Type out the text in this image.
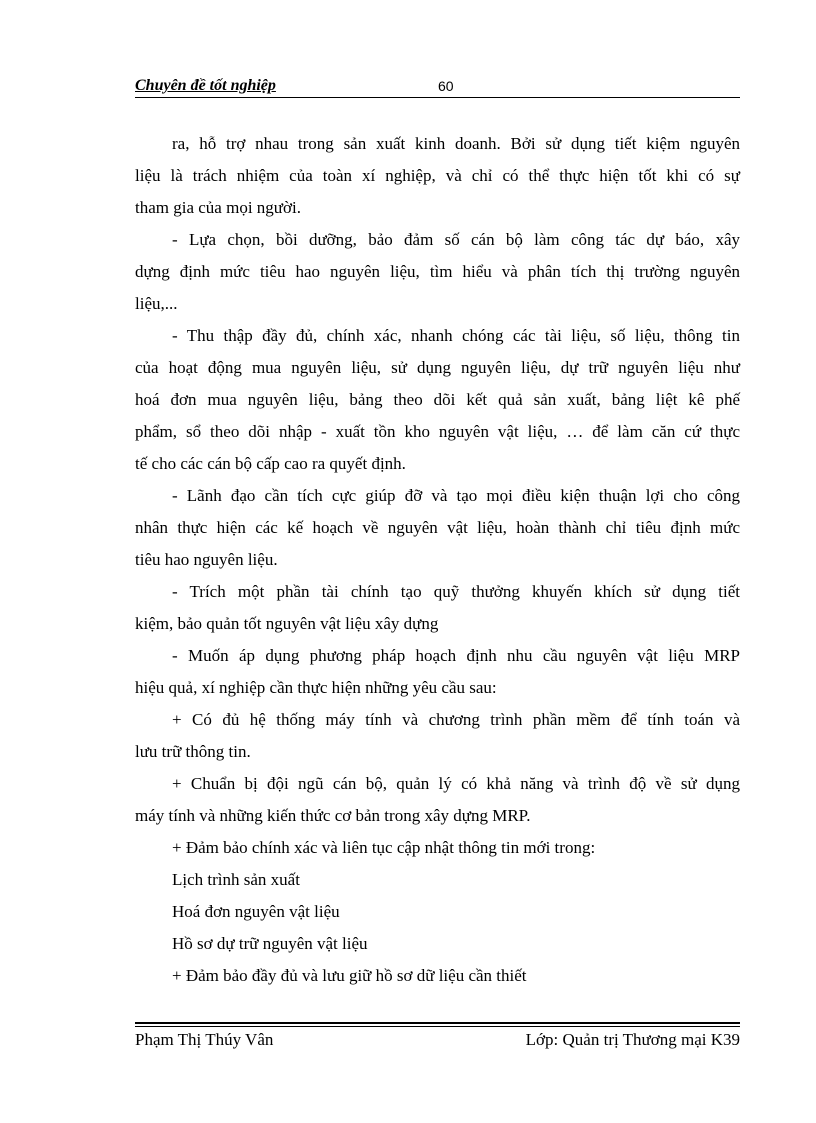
Chuyên đề tốt nghiệp	60
ra, hỗ trợ nhau trong sản xuất kinh doanh. Bởi sử dụng tiết kiệm nguyên
liệu là trách nhiệm của toàn xí nghiệp, và chỉ có thể thực hiện tốt khi có sự
tham gia của mọi người.
- Lựa chọn, bồi dưỡng, bảo đảm số cán bộ làm công tác dự báo, xây
dựng định mức tiêu hao nguyên liệu, tìm hiểu và phân tích thị trường nguyên
liệu,...
- Thu thập đầy đủ, chính xác, nhanh chóng các tài liệu, số liệu, thông tin
của hoạt động mua nguyên liệu, sử dụng nguyên liệu, dự trữ nguyên liệu như
hoá đơn mua nguyên liệu, bảng theo dõi kết quả sản xuất, bảng liệt kê phế
phẩm, sổ theo dõi nhập - xuất tồn kho nguyên vật liệu, … để làm căn cứ thực
tế cho các cán bộ cấp cao ra quyết định.
- Lãnh đạo cần tích cực giúp đỡ và tạo mọi điều kiện thuận lợi cho công
nhân thực hiện các kế hoạch về nguyên vật liệu, hoàn thành chỉ tiêu định mức
tiêu hao nguyên liệu.
- Trích một phần tài chính tạo quỹ thưởng khuyến khích sử dụng tiết
kiệm, bảo quản tốt nguyên vật liệu xây dựng
- Muốn áp dụng phương pháp hoạch định nhu cầu nguyên vật liệu MRP
hiệu quả, xí nghiệp cần thực hiện những yêu cầu sau:
+ Có đủ hệ thống máy tính và chương trình phần mềm để tính toán và
lưu trữ thông tin.
+ Chuẩn bị đội ngũ cán bộ, quản lý có khả năng và trình độ về sử dụng
máy tính và những kiến thức cơ bản trong xây dựng MRP.
+ Đảm bảo chính xác và liên tục cập nhật thông tin mới trong:
Lịch trình sản xuất
Hoá đơn nguyên vật liệu
Hồ sơ dự trữ nguyên vật liệu
+ Đảm bảo đầy đủ và lưu giữ hồ sơ dữ liệu cần thiết
Phạm Thị Thúy Vân	Lớp: Quản trị Thương mại K39
